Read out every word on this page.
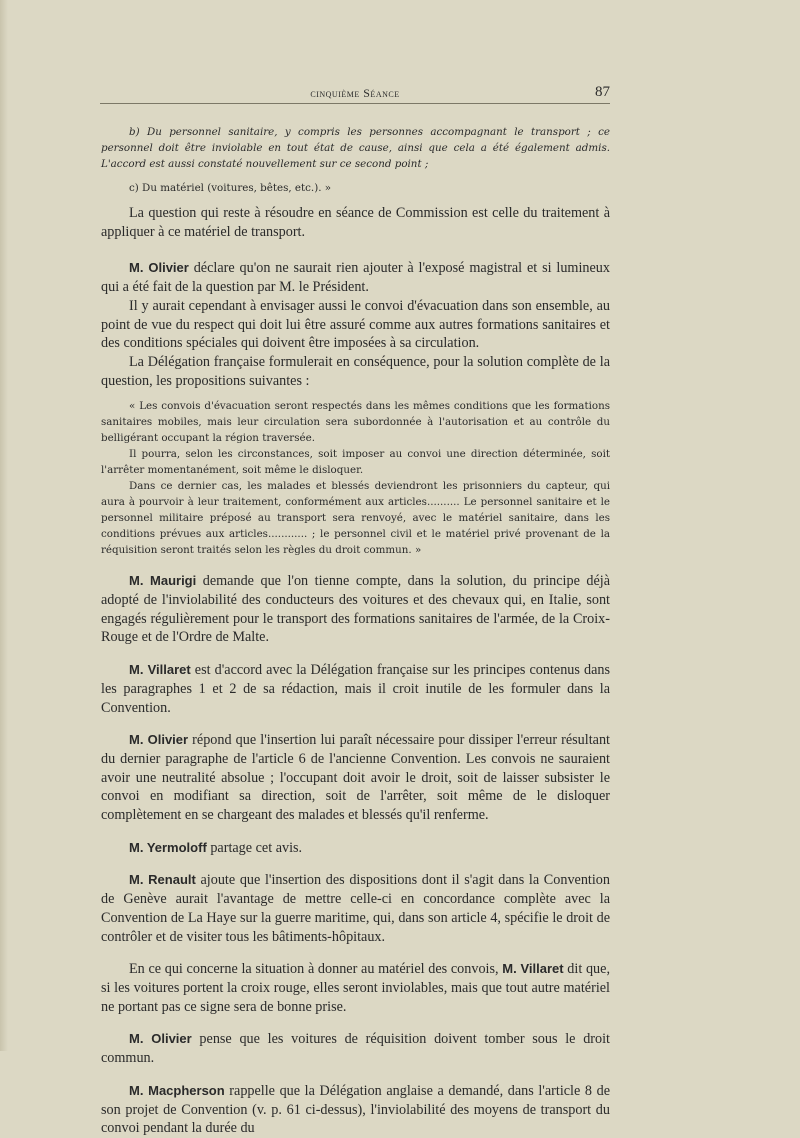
cinquième Séance	87

b) Du personnel sanitaire, y compris les personnes accompagnant le transport ; ce personnel doit être inviolable en tout état de cause, ainsi que cela a été également admis. L'accord est aussi constaté nouvellement sur ce second point ;

c) Du matériel (voitures, bêtes, etc.). »

La question qui reste à résoudre en séance de Commission est celle du traitement à appliquer à ce matériel de transport.

M. Olivier déclare qu'on ne saurait rien ajouter à l'exposé magistral et si lumineux qui a été fait de la question par M. le Président.

Il y aurait cependant à envisager aussi le convoi d'évacuation dans son ensemble, au point de vue du respect qui doit lui être assuré comme aux autres formations sanitaires et des conditions spéciales qui doivent être imposées à sa circulation.

La Délégation française formulerait en conséquence, pour la solution complète de la question, les propositions suivantes :

« Les convois d'évacuation seront respectés dans les mêmes conditions que les formations sanitaires mobiles, mais leur circulation sera subordonnée à l'autorisation et au contrôle du belligérant occupant la région traversée.

Il pourra, selon les circonstances, soit imposer au convoi une direction déterminée, soit l'arrêter momentanément, soit même le disloquer.

Dans ce dernier cas, les malades et blessés deviendront les prisonniers du capteur, qui aura à pourvoir à leur traitement, conformément aux articles.......... Le personnel sanitaire et le personnel militaire préposé au transport sera renvoyé, avec le matériel sanitaire, dans les conditions prévues aux articles............ ; le personnel civil et le matériel privé provenant de la réquisition seront traités selon les règles du droit commun. »

M. Maurigi demande que l'on tienne compte, dans la solution, du principe déjà adopté de l'inviolabilité des conducteurs des voitures et des chevaux qui, en Italie, sont engagés régulièrement pour le transport des formations sanitaires de l'armée, de la Croix-Rouge et de l'Ordre de Malte.

M. Villaret est d'accord avec la Délégation française sur les principes contenus dans les paragraphes 1 et 2 de sa rédaction, mais il croit inutile de les formuler dans la Convention.

M. Olivier répond que l'insertion lui paraît nécessaire pour dissiper l'erreur résultant du dernier paragraphe de l'article 6 de l'ancienne Convention. Les convois ne sauraient avoir une neutralité absolue ; l'occupant doit avoir le droit, soit de laisser subsister le convoi en modifiant sa direction, soit de l'arrêter, soit même de le disloquer complètement en se chargeant des malades et blessés qu'il renferme.

M. Yermoloff partage cet avis.

M. Renault ajoute que l'insertion des dispositions dont il s'agit dans la Convention de Genève aurait l'avantage de mettre celle-ci en concordance complète avec la Convention de La Haye sur la guerre maritime, qui, dans son article 4, spécifie le droit de contrôler et de visiter tous les bâtiments-hôpitaux.

En ce qui concerne la situation à donner au matériel des convois, M. Villaret dit que, si les voitures portent la croix rouge, elles seront inviolables, mais que tout autre matériel ne portant pas ce signe sera de bonne prise.

M. Olivier pense que les voitures de réquisition doivent tomber sous le droit commun.

M. Macpherson rappelle que la Délégation anglaise a demandé, dans l'article 8 de son projet de Convention (v. p. 61 ci-dessus), l'inviolabilité des moyens de transport du convoi pendant la durée du
